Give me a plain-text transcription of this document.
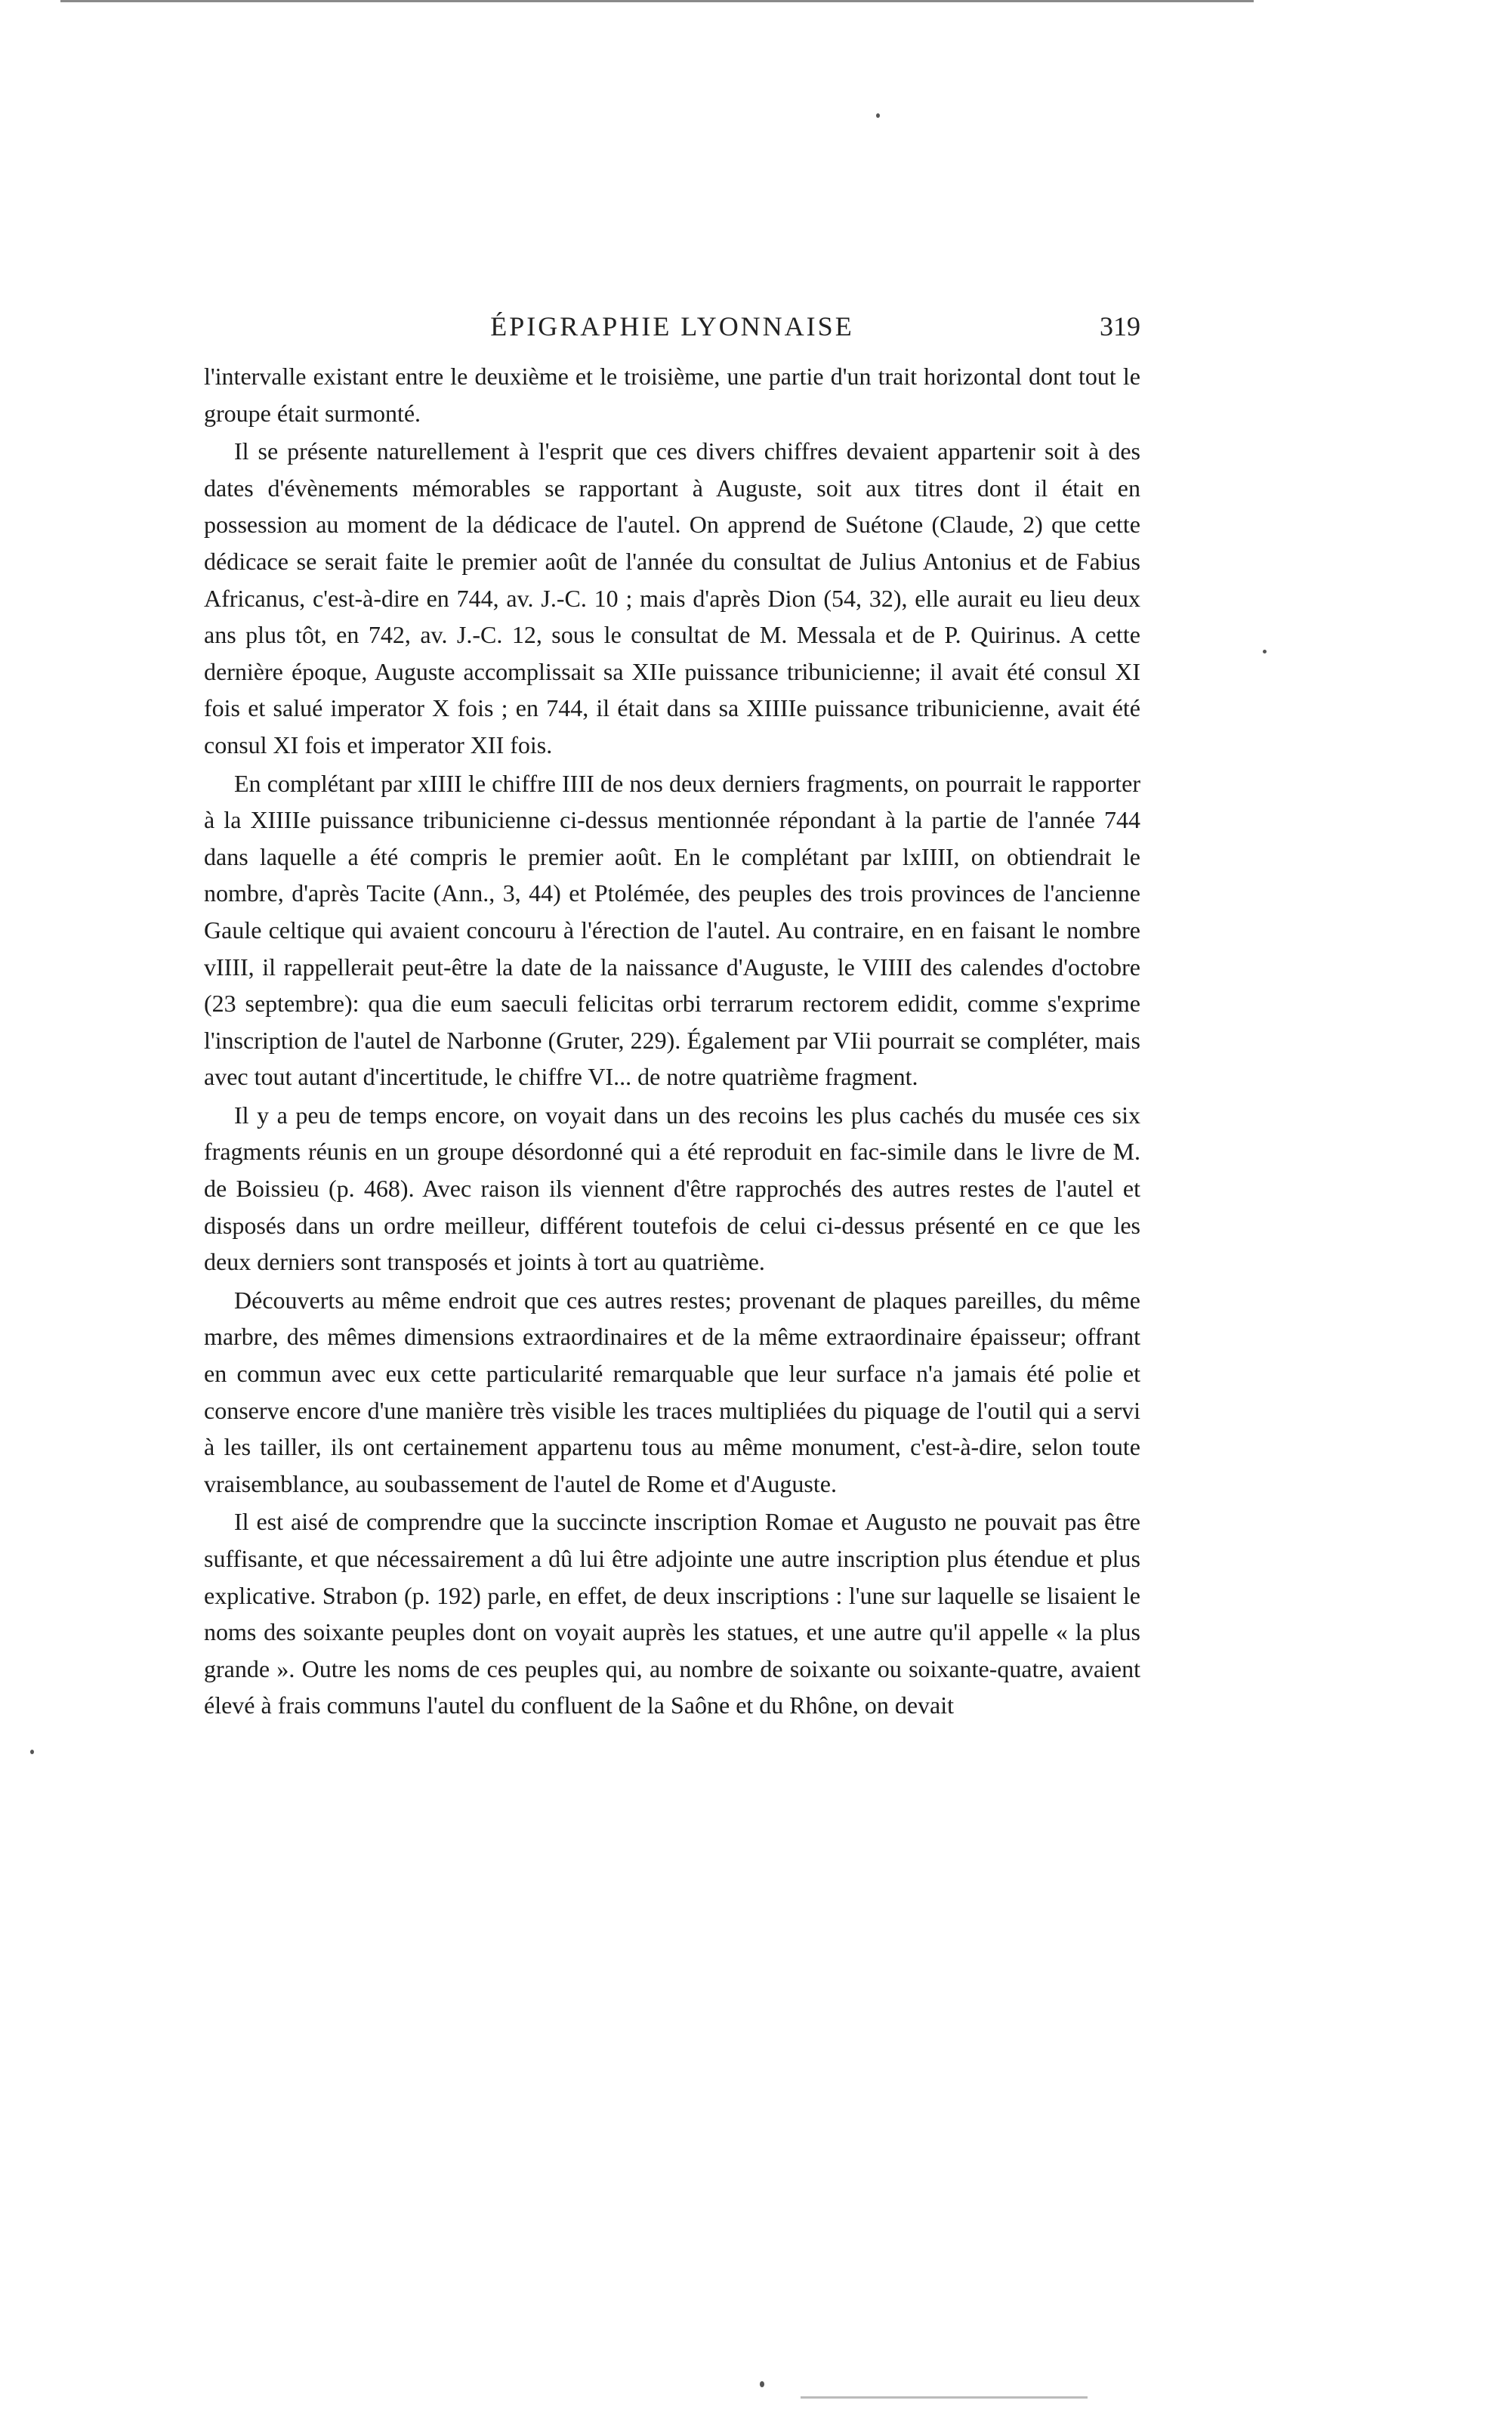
ÉPIGRAPHIE LYONNAISE	319

l'intervalle existant entre le deuxième et le troisième, une partie d'un trait horizontal dont tout le groupe était surmonté.

Il se présente naturellement à l'esprit que ces divers chiffres devaient appartenir soit à des dates d'évènements mémorables se rapportant à Auguste, soit aux titres dont il était en possession au moment de la dédicace de l'autel. On apprend de Suétone (Claude, 2) que cette dédicace se serait faite le premier août de l'année du consultat de Julius Antonius et de Fabius Africanus, c'est-à-dire en 744, av. J.-C. 10 ; mais d'après Dion (54, 32), elle aurait eu lieu deux ans plus tôt, en 742, av. J.-C. 12, sous le consultat de M. Messala et de P. Quirinus. A cette dernière époque, Auguste accomplissait sa XIIe puissance tribunicienne; il avait été consul XI fois et salué imperator X fois ; en 744, il était dans sa XIIIIe puissance tribunicienne, avait été consul XI fois et imperator XII fois.

En complétant par xIIII le chiffre IIII de nos deux derniers fragments, on pourrait le rapporter à la XIIIIe puissance tribunicienne ci-dessus mentionnée répondant à la partie de l'année 744 dans laquelle a été compris le premier août. En le complétant par lxIIII, on obtiendrait le nombre, d'après Tacite (Ann., 3, 44) et Ptolémée, des peuples des trois provinces de l'ancienne Gaule celtique qui avaient concouru à l'érection de l'autel. Au contraire, en en faisant le nombre vIIII, il rappellerait peut-être la date de la naissance d'Auguste, le VIIII des calendes d'octobre (23 septembre): qua die eum saeculi felicitas orbi terrarum rectorem edidit, comme s'exprime l'inscription de l'autel de Narbonne (Gruter, 229). Également par VIii pourrait se compléter, mais avec tout autant d'incertitude, le chiffre VI... de notre quatrième fragment.

Il y a peu de temps encore, on voyait dans un des recoins les plus cachés du musée ces six fragments réunis en un groupe désordonné qui a été reproduit en fac-simile dans le livre de M. de Boissieu (p. 468). Avec raison ils viennent d'être rapprochés des autres restes de l'autel et disposés dans un ordre meilleur, différent toutefois de celui ci-dessus présenté en ce que les deux derniers sont transposés et joints à tort au quatrième.

Découverts au même endroit que ces autres restes; provenant de plaques pareilles, du même marbre, des mêmes dimensions extraordinaires et de la même extraordinaire épaisseur; offrant en commun avec eux cette particularité remarquable que leur surface n'a jamais été polie et conserve encore d'une manière très visible les traces multipliées du piquage de l'outil qui a servi à les tailler, ils ont certainement appartenu tous au même monument, c'est-à-dire, selon toute vraisemblance, au soubassement de l'autel de Rome et d'Auguste.

Il est aisé de comprendre que la succincte inscription Romae et Augusto ne pouvait pas être suffisante, et que nécessairement a dû lui être adjointe une autre inscription plus étendue et plus explicative. Strabon (p. 192) parle, en effet, de deux inscriptions : l'une sur laquelle se lisaient le noms des soixante peuples dont on voyait auprès les statues, et une autre qu'il appelle « la plus grande ». Outre les noms de ces peuples qui, au nombre de soixante ou soixante-quatre, avaient élevé à frais communs l'autel du confluent de la Saône et du Rhône, on devait
